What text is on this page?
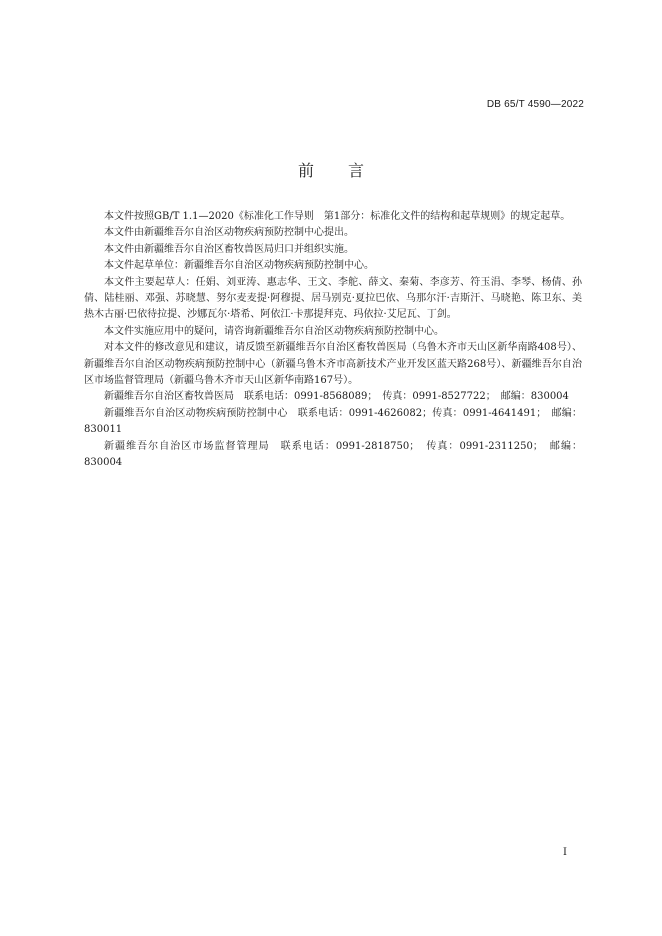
DB 65/T 4590—2022
前言

本文件按照GB/T 1.1—2020《标准化工作导则　第1部分：标准化文件的结构和起草规则》的规定起草。

本文件由新疆维吾尔自治区动物疾病预防控制中心提出。

本文件由新疆维吾尔自治区畜牧兽医局归口并组织实施。

本文件起草单位：新疆维吾尔自治区动物疾病预防控制中心。

本文件主要起草人：任娟、刘亚涛、惠志华、王文、李舵、薛文、秦菊、李彦芳、符玉涓、李琴、杨倩、孙倩、陆桂丽、邓强、苏晓慧、努尔麦麦提·阿穆提、居马别克·夏拉巴依、乌那尔汗·吉斯汗、马晓艳、陈卫东、美热木古丽·巴依待拉提、沙娜瓦尔·塔希、阿依江·卡那提拜克、玛依拉·艾尼瓦、丁剑。

本文件实施应用中的疑问，请咨询新疆维吾尔自治区动物疾病预防控制中心。

对本文件的修改意见和建议，请反馈至新疆维吾尔自治区畜牧兽医局（乌鲁木齐市天山区新华南路408号）、新疆维吾尔自治区动物疾病预防控制中心（新疆乌鲁木齐市高新技术产业开发区蓝天路268号）、新疆维吾尔自治区市场监督管理局（新疆乌鲁木齐市天山区新华南路167号）。

新疆维吾尔自治区畜牧兽医局　联系电话：0991-8568089；　传真：0991-8527722；　邮编：830004

新疆维吾尔自治区动物疾病预防控制中心　联系电话：0991-4626082；传真：0991-4641491；　邮编：830011

新疆维吾尔自治区市场监督管理局　联系电话：0991-2818750；　传真：0991-2311250；　邮编：830004

I
